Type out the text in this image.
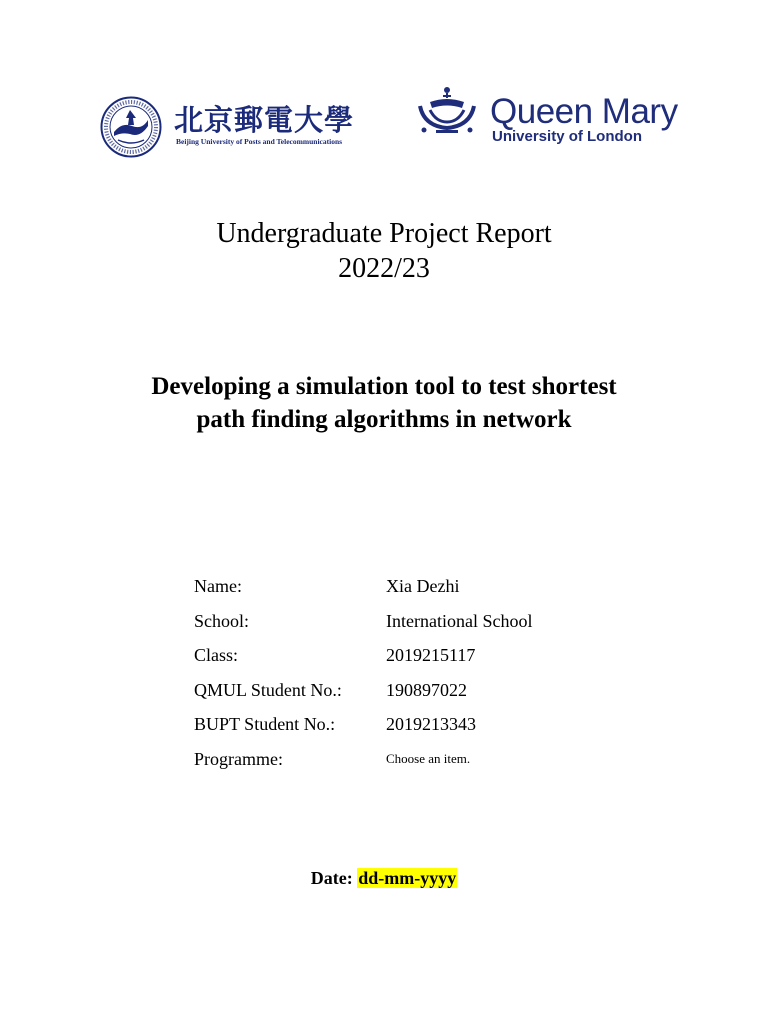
北京郵電大學
Beijing University of Posts and Telecommunications
Queen Mary
University of London
Undergraduate Project Report
2022/23
Developing a simulation tool to test shortest
path finding algorithms in network
Name:	Xia Dezhi
School:	International School
Class:	2019215117
QMUL Student No.:	190897022
BUPT Student No.:	2019213343
Programme:	Choose an item.
Date: dd-mm-yyyy
